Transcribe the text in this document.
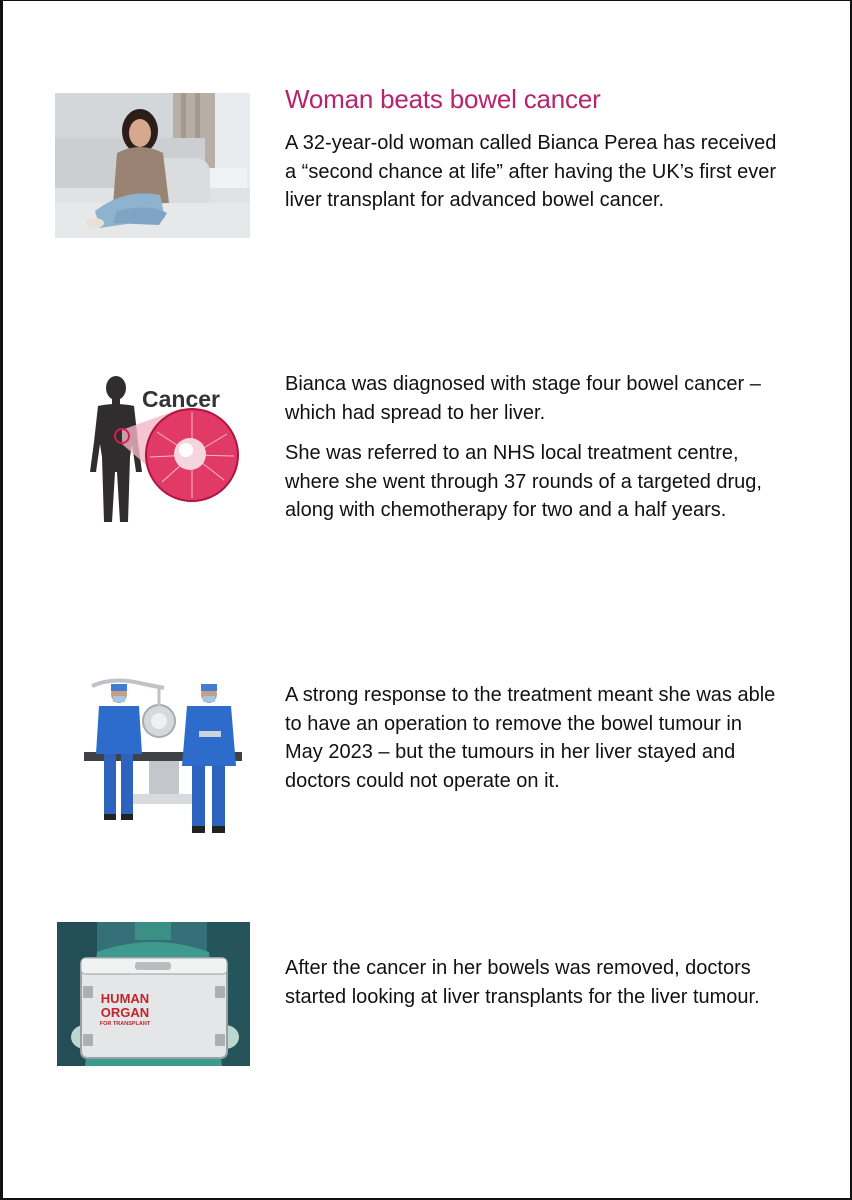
Woman beats bowel cancer

A 32-year-old woman called Bianca Perea has received a “second chance at life” after having the UK’s first ever liver transplant for advanced bowel cancer.

Cancer

Bianca was diagnosed with stage four bowel cancer – which had spread to her liver.

She was referred to an NHS local treatment centre, where she went through 37 rounds of a targeted drug, along with chemotherapy for two and a half years.

A strong response to the treatment meant she was able to have an operation to remove the bowel tumour in May 2023 – but the tumours in her liver stayed and doctors could not operate on it.

HUMAN
ORGAN
FOR TRANSPLANT

After the cancer in her bowels was removed, doctors started looking at liver transplants for the liver tumour.
